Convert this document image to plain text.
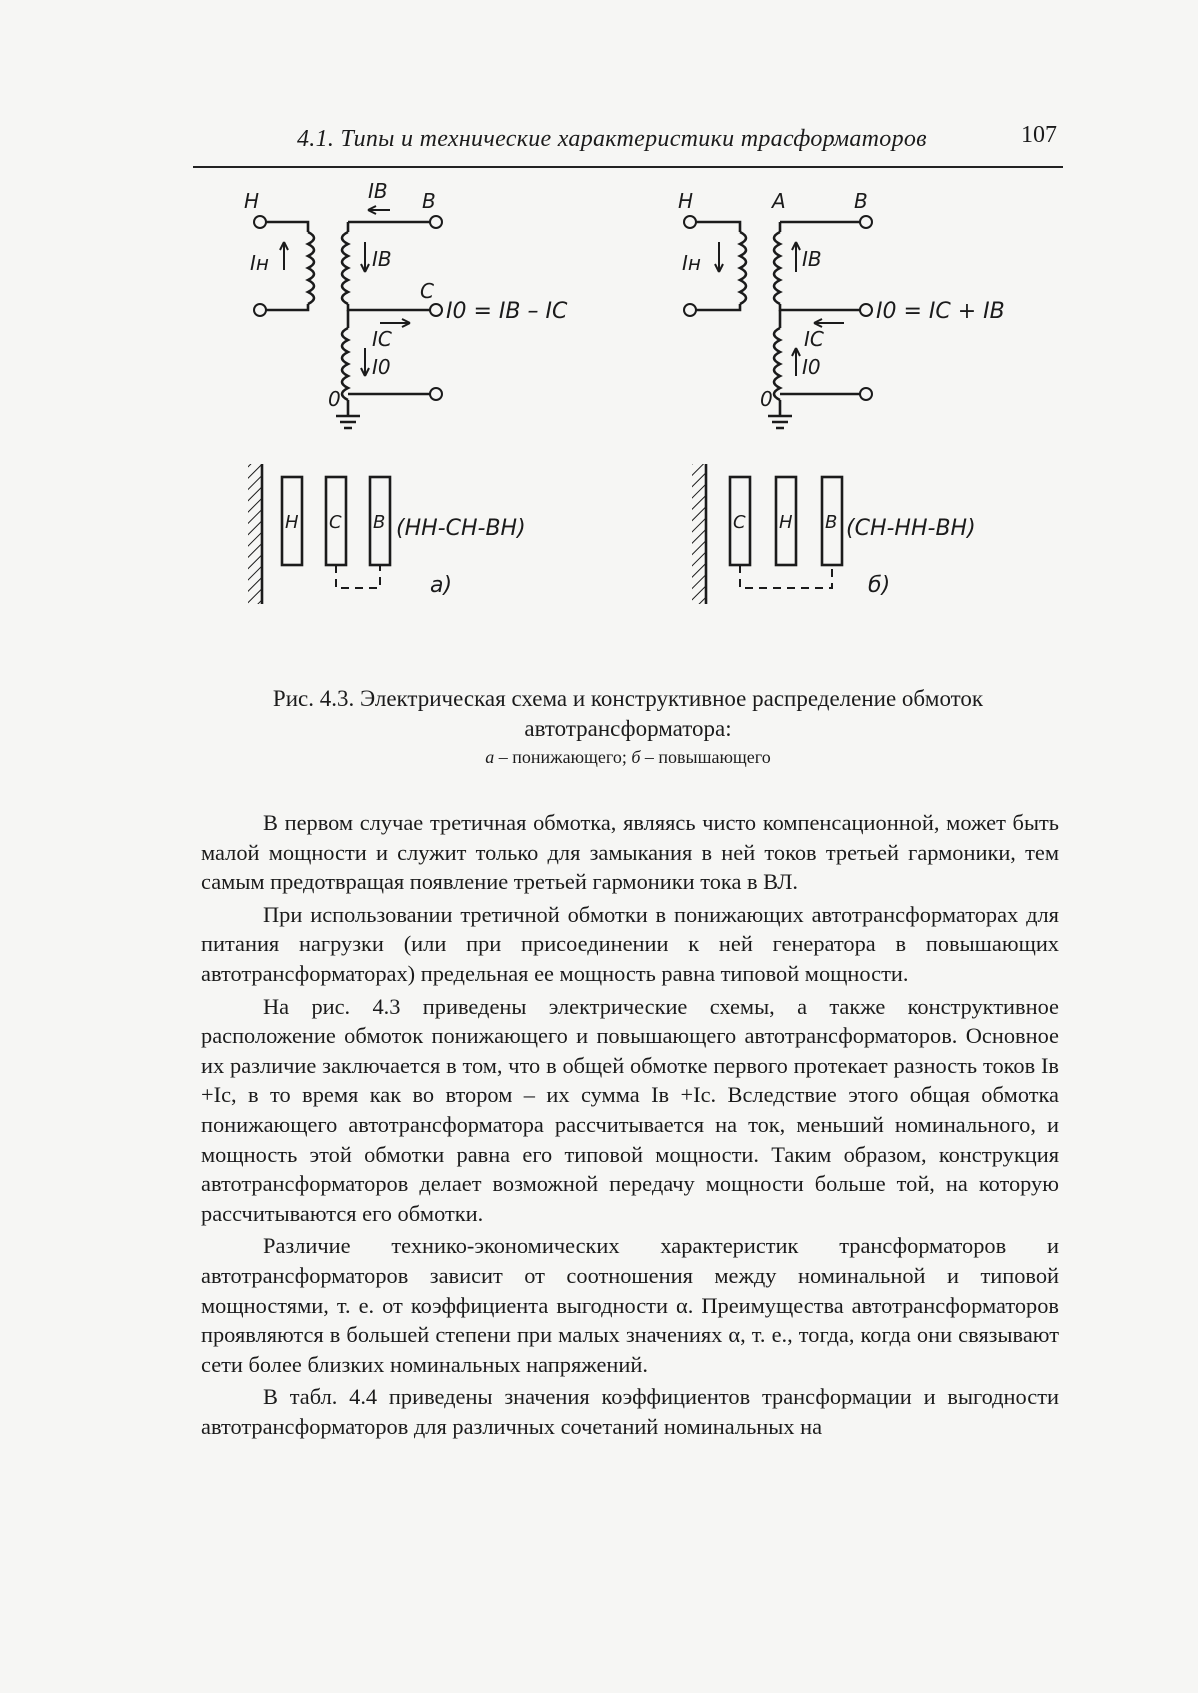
4.1. Типы и технические характеристики трасформаторов	107
Н	В
IВ
Iн	IВ
С
I0 = IВ – IС
IС
I0
0
Н С В (НН-СН-ВН)
а)
Н	А	В
Iн	IВ
I0 = IС + IВ
IС
I0
0
С Н В (СН-НН-ВН)
б)
Рис. 4.3. Электрическая схема и конструктивное распределение обмоток
автотрансформатора:
а – понижающего; б – повышающего

В первом случае третичная обмотка, являясь чисто компенсационной, может быть малой мощности и служит только для замыкания в ней токов третьей гармоники, тем самым предотвращая появление третьей гармоники тока в ВЛ.

При использовании третичной обмотки в понижающих автотрансформаторах для питания нагрузки (или при присоединении к ней генератора в повышающих автотрансформаторах) предельная ее мощность равна типовой мощности.

На рис. 4.3 приведены электрические схемы, а также конструктивное расположение обмоток понижающего и повышающего автотрансформаторов. Основное их различие заключается в том, что в общей обмотке первого протекает разность токов Iв +Iс, в то время как во втором – их сумма Iв +Iс. Вследствие этого общая обмотка понижающего автотрансформатора рассчитывается на ток, меньший номинального, и мощность этой обмотки равна его типовой мощности. Таким образом, конструкция автотрансформаторов делает возможной передачу мощности больше той, на которую рассчитываются его обмотки.

Различие технико-экономических характеристик трансформаторов и автотрансформаторов зависит от соотношения между номинальной и типовой мощностями, т. е. от коэффициента выгодности α. Преимущества автотрансформаторов проявляются в большей степени при малых значениях α, т. е., тогда, когда они связывают сети более близких номинальных напряжений.

В табл. 4.4 приведены значения коэффициентов трансформации и выгодности автотрансформаторов для различных сочетаний номинальных на
